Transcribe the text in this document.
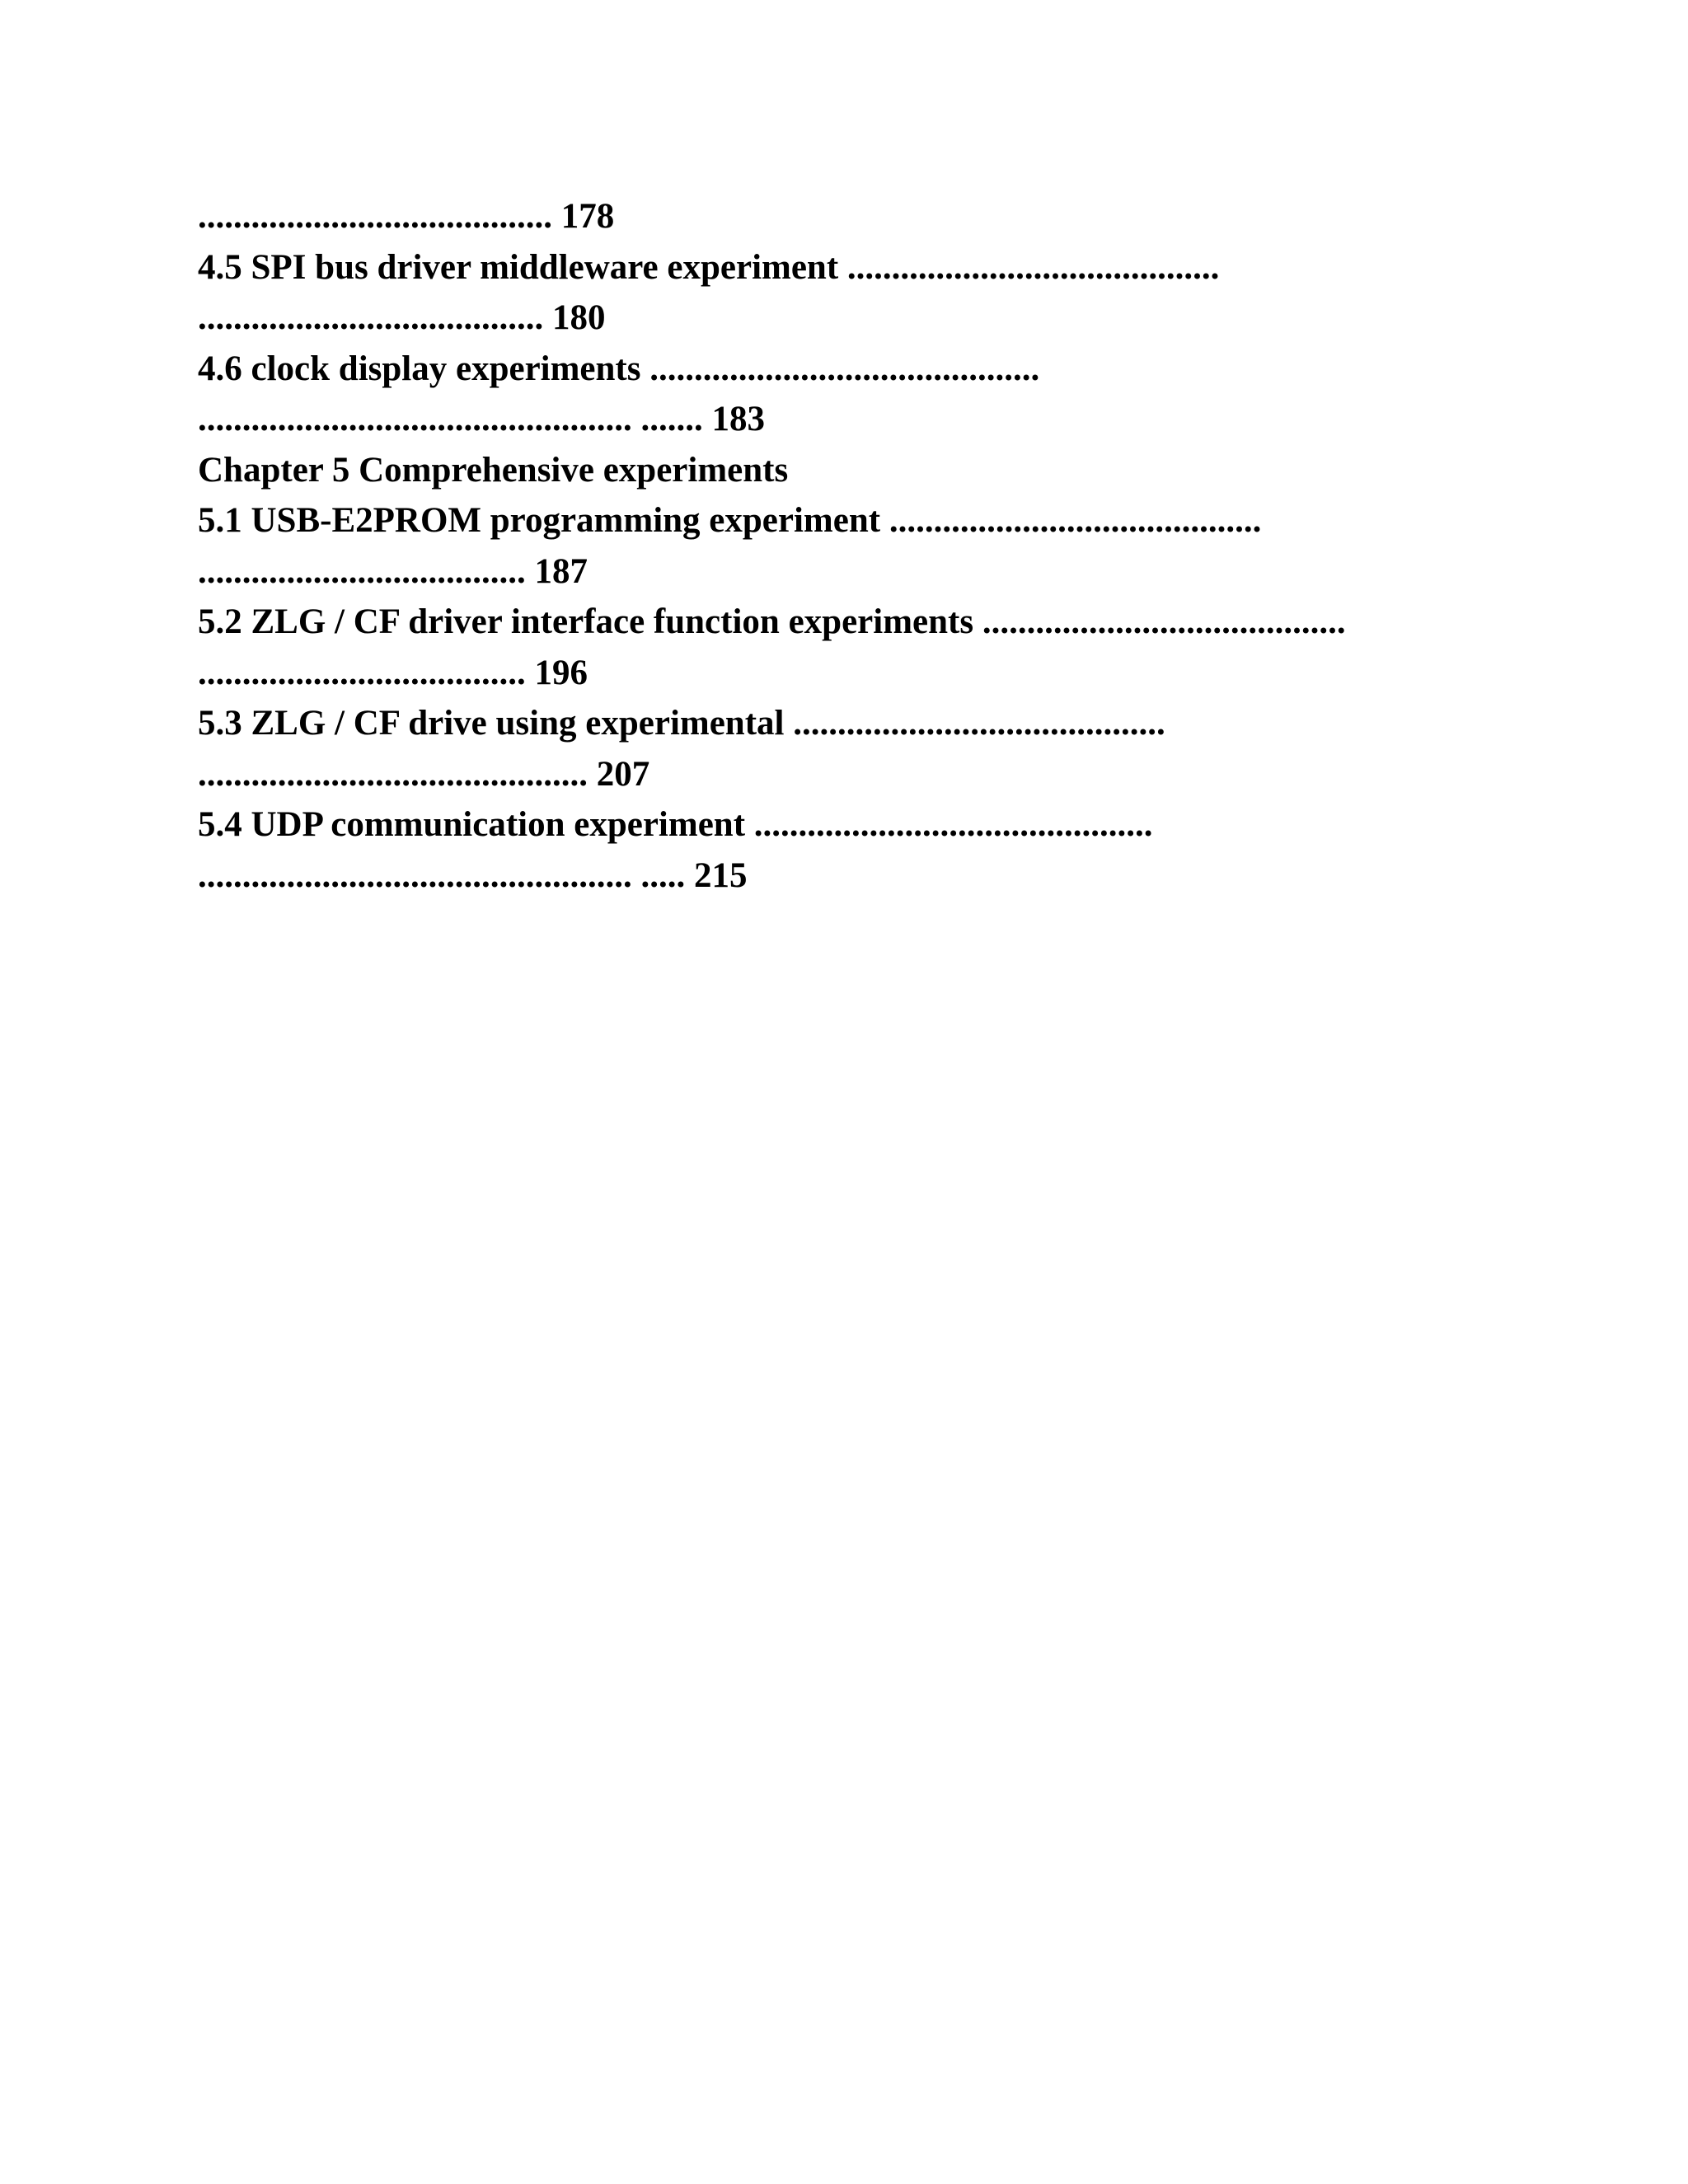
........................................ 178
4.5 SPI bus driver middleware experiment ..........................................
....................................... 180
4.6 clock display experiments ............................................
................................................. ....... 183
Chapter 5 Comprehensive experiments
5.1 USB-E2PROM programming experiment ..........................................
..................................... 187
5.2 ZLG / CF driver interface function experiments .........................................
..................................... 196
5.3 ZLG / CF drive using experimental ..........................................
............................................ 207
5.4 UDP communication experiment .............................................
................................................. ..... 215
